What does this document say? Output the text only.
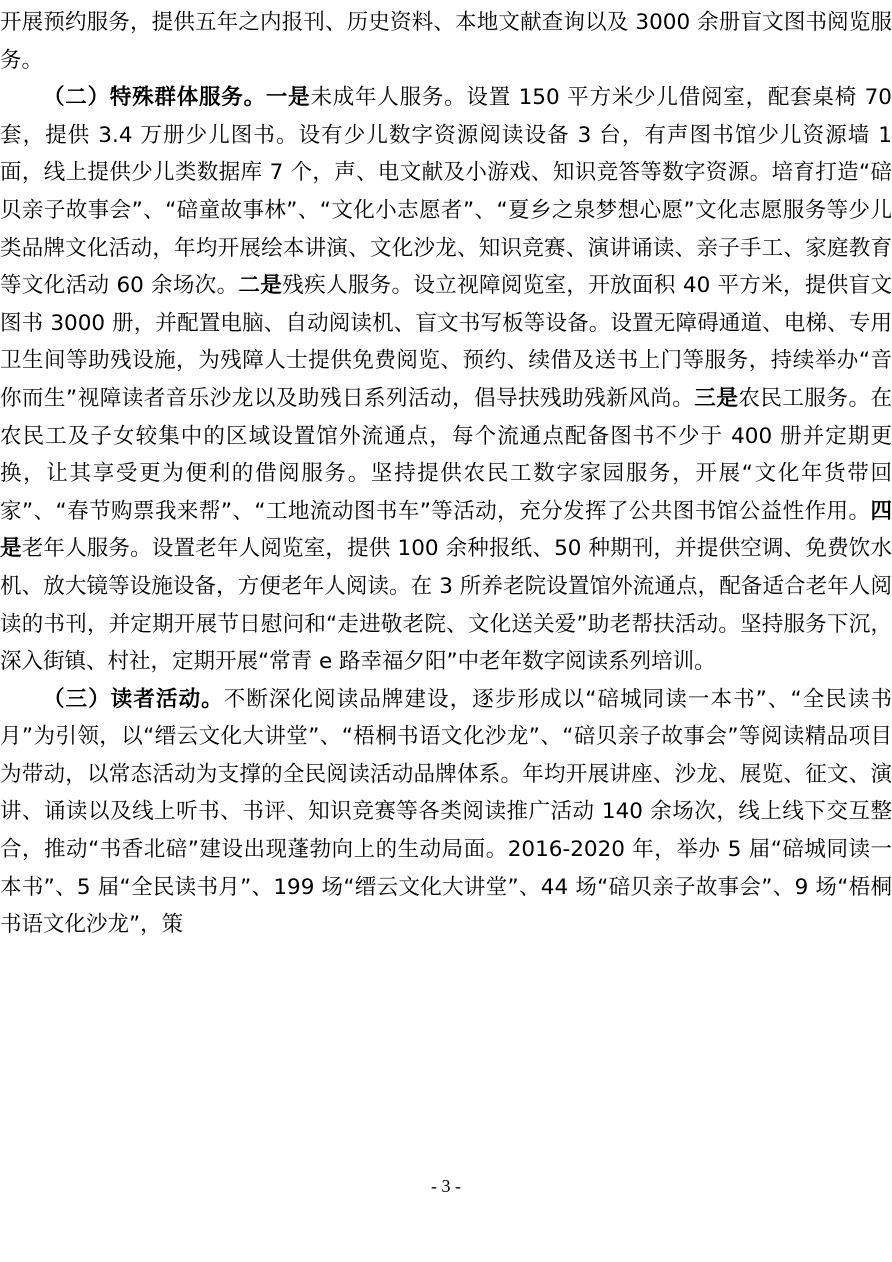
开展预约服务，提供五年之内报刊、历史资料、本地文献查询以及 3000 余册盲文图书阅览服务。

（二）特殊群体服务。一是未成年人服务。设置 150 平方米少儿借阅室，配套桌椅 70 套，提供 3.4 万册少儿图书。设有少儿数字资源阅读设备 3 台，有声图书馆少儿资源墙 1 面，线上提供少儿类数据库 7 个，声、电文献及小游戏、知识竞答等数字资源。培育打造“碚贝亲子故事会”、“碚童故事林”、“文化小志愿者”、“夏乡之泉梦想心愿”文化志愿服务等少儿类品牌文化活动，年均开展绘本讲演、文化沙龙、知识竞赛、演讲诵读、亲子手工、家庭教育等文化活动 60 余场次。二是残疾人服务。设立视障阅览室，开放面积 40 平方米，提供盲文图书 3000 册，并配置电脑、自动阅读机、盲文书写板等设备。设置无障碍通道、电梯、专用卫生间等助残设施，为残障人士提供免费阅览、预约、续借及送书上门等服务，持续举办“音你而生”视障读者音乐沙龙以及助残日系列活动，倡导扶残助残新风尚。三是农民工服务。在农民工及子女较集中的区域设置馆外流通点，每个流通点配备图书不少于 400 册并定期更换，让其享受更为便利的借阅服务。坚持提供农民工数字家园服务，开展“文化年货带回家”、“春节购票我来帮”、“工地流动图书车”等活动，充分发挥了公共图书馆公益性作用。四是老年人服务。设置老年人阅览室，提供 100 余种报纸、50 种期刊，并提供空调、免费饮水机、放大镜等设施设备，方便老年人阅读。在 3 所养老院设置馆外流通点，配备适合老年人阅读的书刊，并定期开展节日慰问和“走进敬老院、文化送关爱”助老帮扶活动。坚持服务下沉，深入街镇、村社，定期开展“常青 e 路幸福夕阳”中老年数字阅读系列培训。

（三）读者活动。不断深化阅读品牌建设，逐步形成以“碚城同读一本书”、“全民读书月”为引领，以“缙云文化大讲堂”、“梧桐书语文化沙龙”、“碚贝亲子故事会”等阅读精品项目为带动，以常态活动为支撑的全民阅读活动品牌体系。年均开展讲座、沙龙、展览、征文、演讲、诵读以及线上听书、书评、知识竞赛等各类阅读推广活动 140 余场次，线上线下交互整合，推动“书香北碚”建设出现蓬勃向上的生动局面。2016-2020 年，举办 5 届“碚城同读一本书”、5 届“全民读书月”、199 场“缙云文化大讲堂”、44 场“碚贝亲子故事会”、9 场“梧桐书语文化沙龙”，策

- 3 -
